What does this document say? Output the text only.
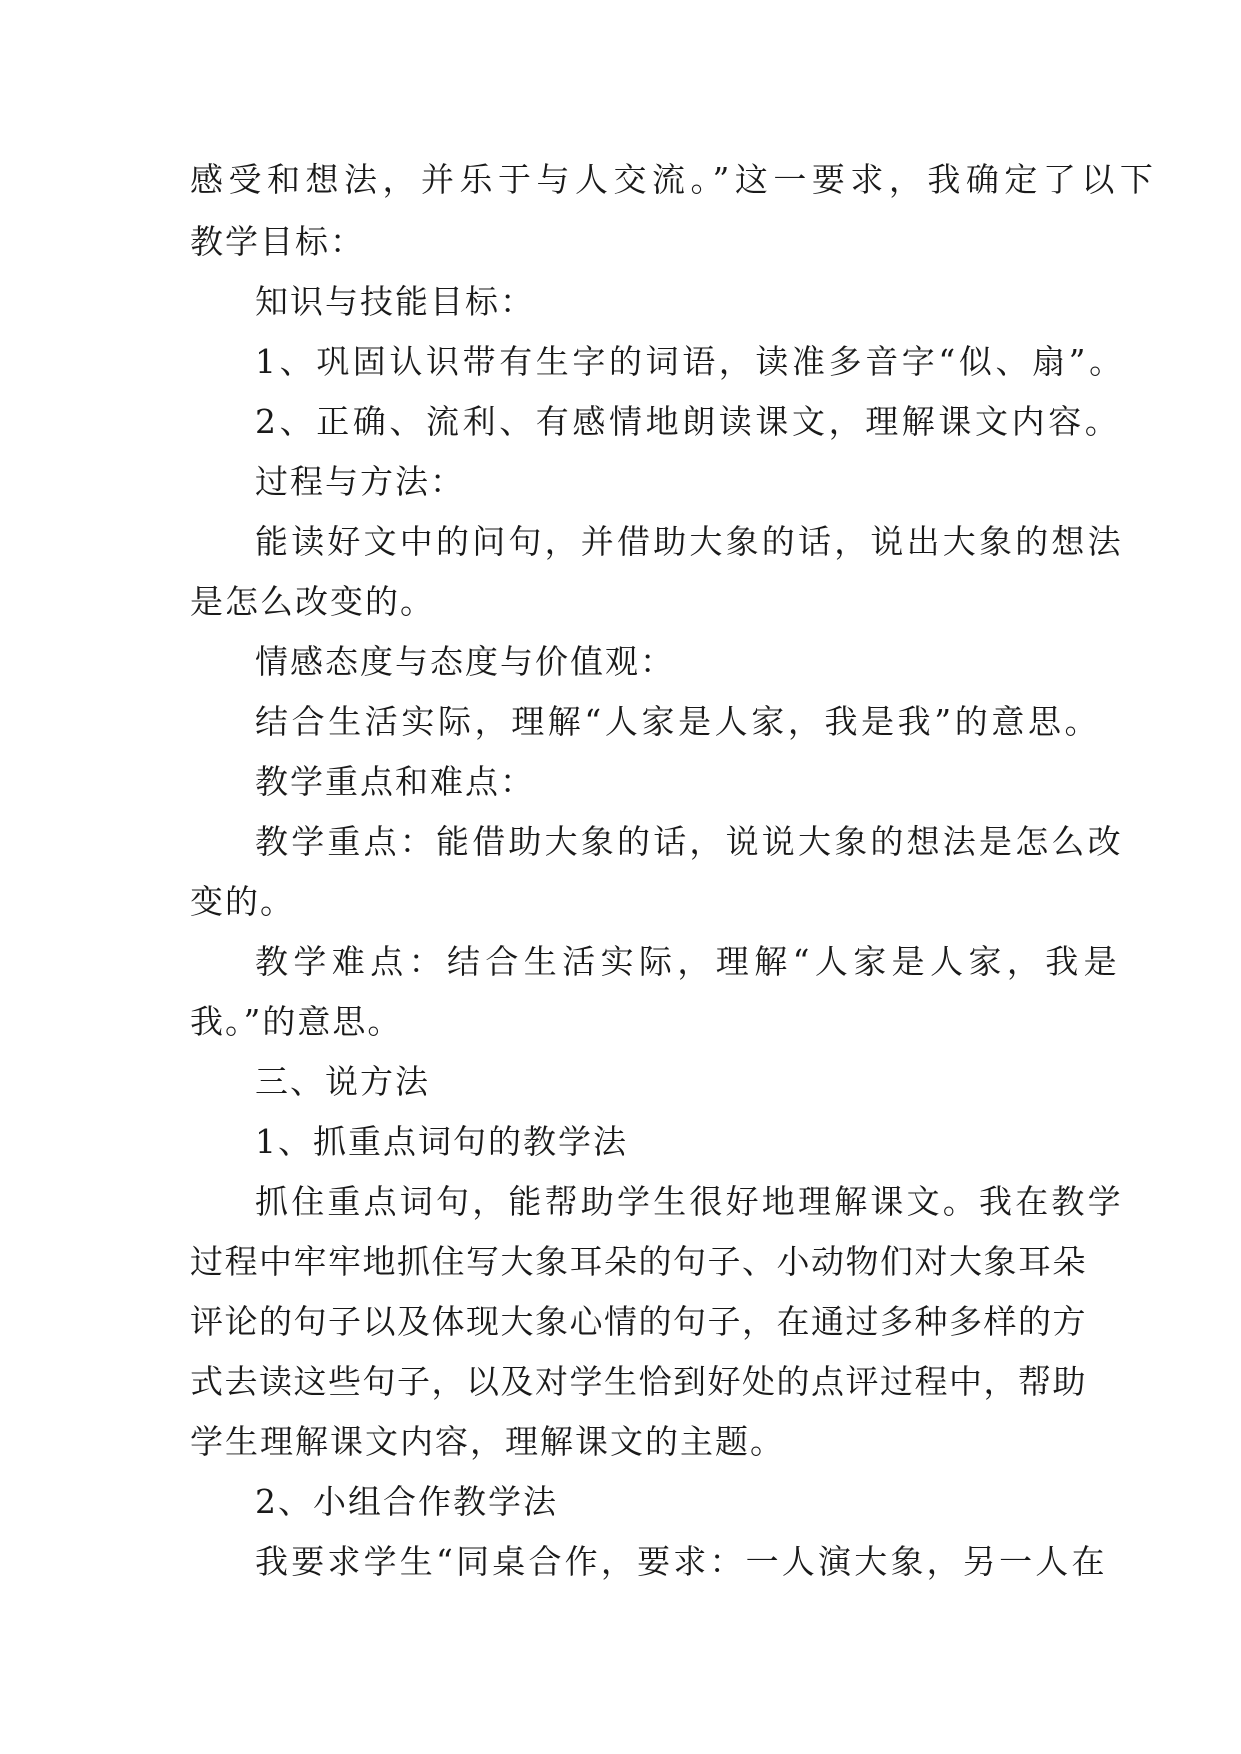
感受和想法，并乐于与人交流。”这一要求，我确定了以下
教学目标：
知识与技能目标：
1、巩固认识带有生字的词语，读准多音字“似、扇”。
2、正确、流利、有感情地朗读课文，理解课文内容。
过程与方法：
能读好文中的问句，并借助大象的话，说出大象的想法
是怎么改变的。
情感态度与态度与价值观：
结合生活实际，理解“人家是人家，我是我”的意思。
教学重点和难点：
教学重点：能借助大象的话，说说大象的想法是怎么改
变的。
教学难点：结合生活实际，理解“人家是人家，我是
我。”的意思。
三、说方法
1、抓重点词句的教学法
抓住重点词句，能帮助学生很好地理解课文。我在教学
过程中牢牢地抓住写大象耳朵的句子、小动物们对大象耳朵
评论的句子以及体现大象心情的句子，在通过多种多样的方
式去读这些句子，以及对学生恰到好处的点评过程中，帮助
学生理解课文内容，理解课文的主题。
2、小组合作教学法
我要求学生“同桌合作，要求：一人演大象，另一人在
